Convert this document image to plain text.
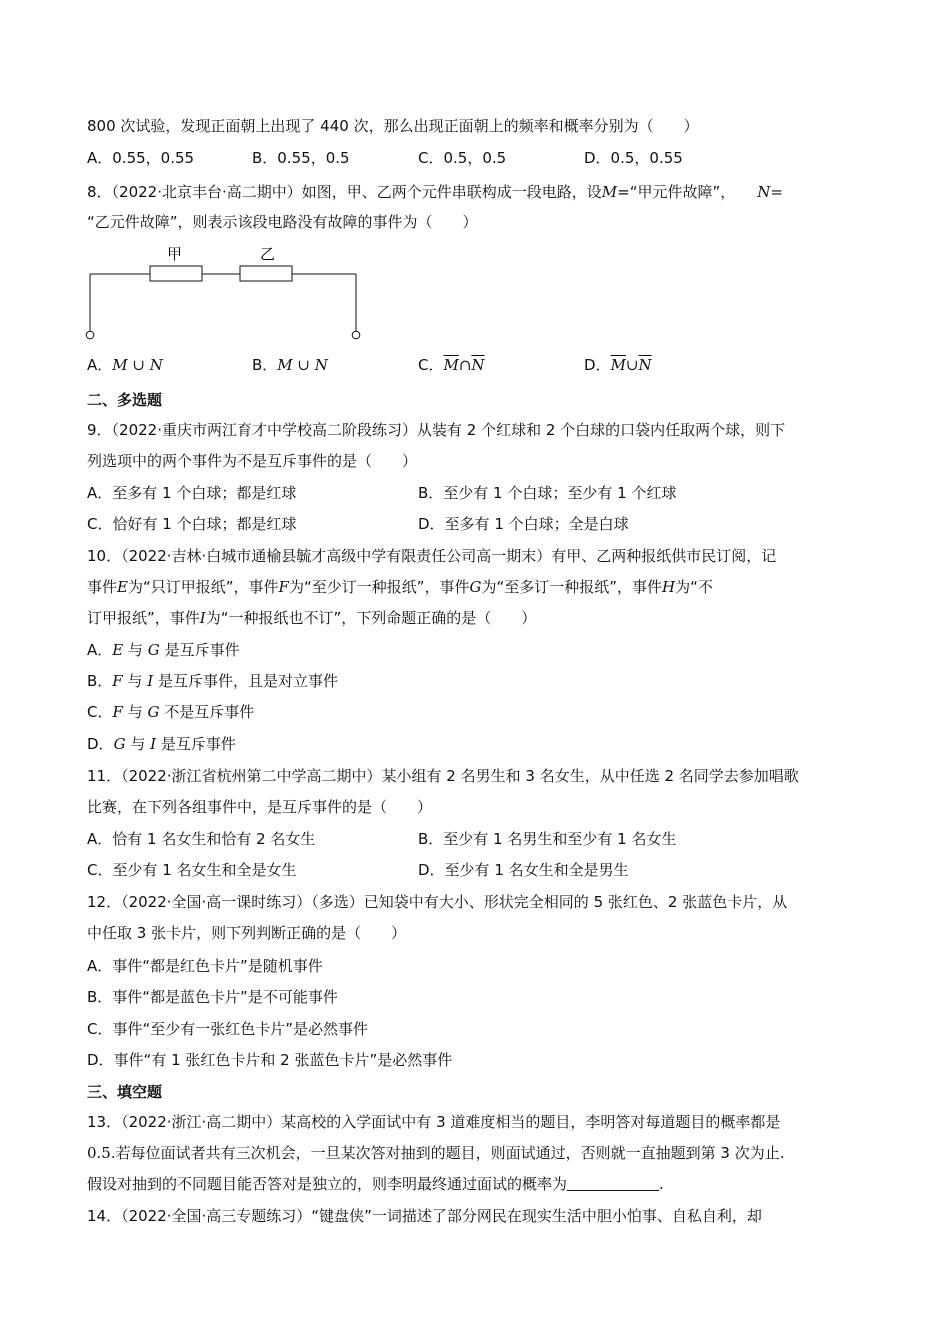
800 次试验，发现正面朝上出现了 440 次，那么出现正面朝上的频率和概率分别为（　　）
A．0.55，0.55	B．0.55，0.5	C．0.5，0.5	D．0.5，0.55
8．（2022·北京丰台·高二期中）如图，甲、乙两个元件串联构成一段电路，设M=“甲元件故障”， N=
“乙元件故障”，则表示该段电路没有故障的事件为（　　）
甲	乙
A．M ∪ N	B．M ∪ N	C．$\overline{M}\cap\overline{N}$	D．$\overline{M}\cup\overline{N}$
二、多选题
9．（2022·重庆市两江育才中学校高二阶段练习）从装有 2 个红球和 2 个白球的口袋内任取两个球，则下
列选项中的两个事件为不是互斥事件的是（　　）
A．至多有 1 个白球；都是红球	B．至少有 1 个白球；至少有 1 个红球
C．恰好有 1 个白球；都是红球	D．至多有 1 个白球；全是白球
10．（2022·吉林·白城市通榆县毓才高级中学有限责任公司高一期末）有甲、乙两种报纸供市民订阅，记
事件E为“只订甲报纸”，事件F为“至少订一种报纸”，事件G为“至多订一种报纸”，事件H为“不
订甲报纸”，事件I为“一种报纸也不订”，下列命题正确的是（　　）
A．E 与 G 是互斥事件
B．F 与 I 是互斥事件，且是对立事件
C．F 与 G 不是互斥事件
D．G 与 I 是互斥事件
11．（2022·浙江省杭州第二中学高二期中）某小组有 2 名男生和 3 名女生，从中任选 2 名同学去参加唱歌
比赛，在下列各组事件中，是互斥事件的是（　　）
A．恰有 1 名女生和恰有 2 名女生	B．至少有 1 名男生和至少有 1 名女生
C．至少有 1 名女生和全是女生	D．至少有 1 名女生和全是男生
12．（2022·全国·高一课时练习）（多选）已知袋中有大小、形状完全相同的 5 张红色、2 张蓝色卡片，从
中任取 3 张卡片，则下列判断正确的是（　　）
A．事件“都是红色卡片”是随机事件
B．事件“都是蓝色卡片”是不可能事件
C．事件“至少有一张红色卡片”是必然事件
D．事件“有 1 张红色卡片和 2 张蓝色卡片”是必然事件
三、填空题
13．（2022·浙江·高二期中）某高校的入学面试中有 3 道难度相当的题目，李明答对每道题目的概率都是
0.5.若每位面试者共有三次机会，一旦某次答对抽到的题目，则面试通过，否则就一直抽题到第 3 次为止.
假设对抽到的不同题目能否答对是独立的，则李明最终通过面试的概率为	.
14．（2022·全国·高三专题练习）“键盘侠”一词描述了部分网民在现实生活中胆小怕事、自私自利，却
